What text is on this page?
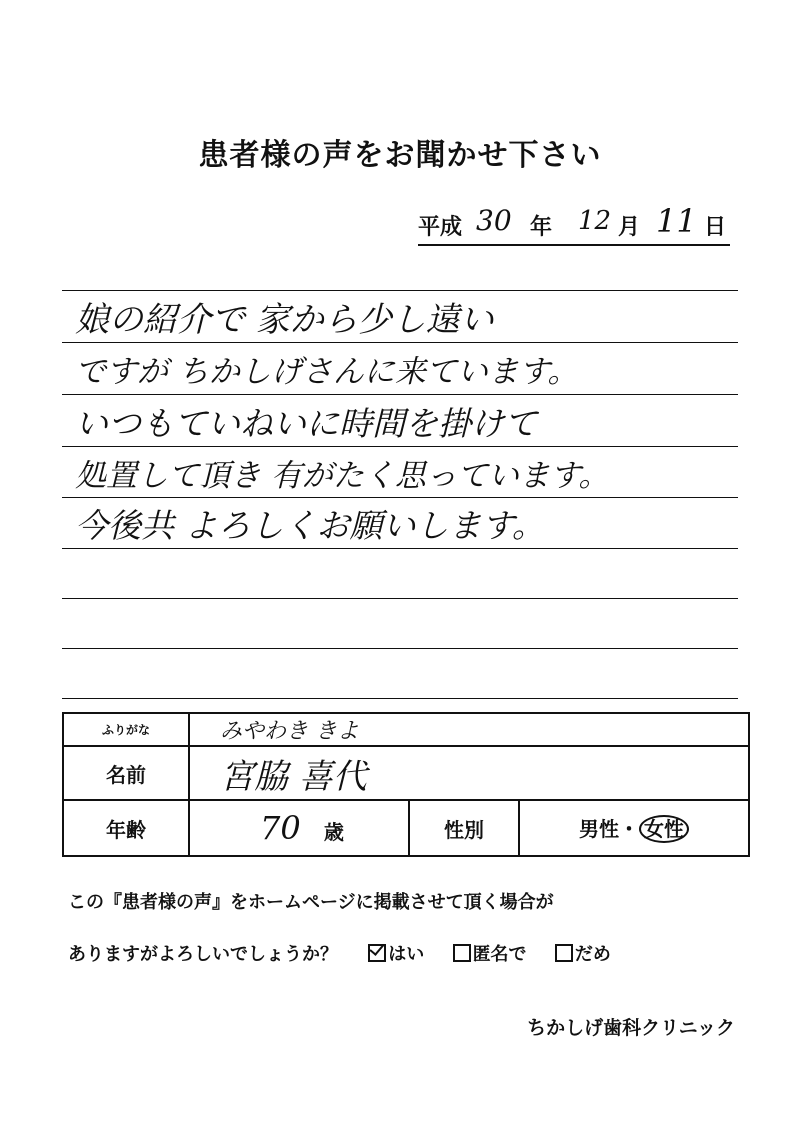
患者様の声をお聞かせ下さい
平成 30 年 12 月 11 日
娘の紹介で 家から少し遠い
ですが ちかしげさんに来ています。
いつもていねいに時間を掛けて
処置して頂き 有がたく思っています。
今後共 よろしくお願いします。
ふりがな	みやわき きよ		
名前	宮脇 喜代		
年齢	70 歳	性別	男性・ 女性
この『患者様の声』をホームページに掲載させて頂く場合が
ありますがよろしいでしょうか？	はい	匿名で	だめ
ちかしげ歯科クリニック
